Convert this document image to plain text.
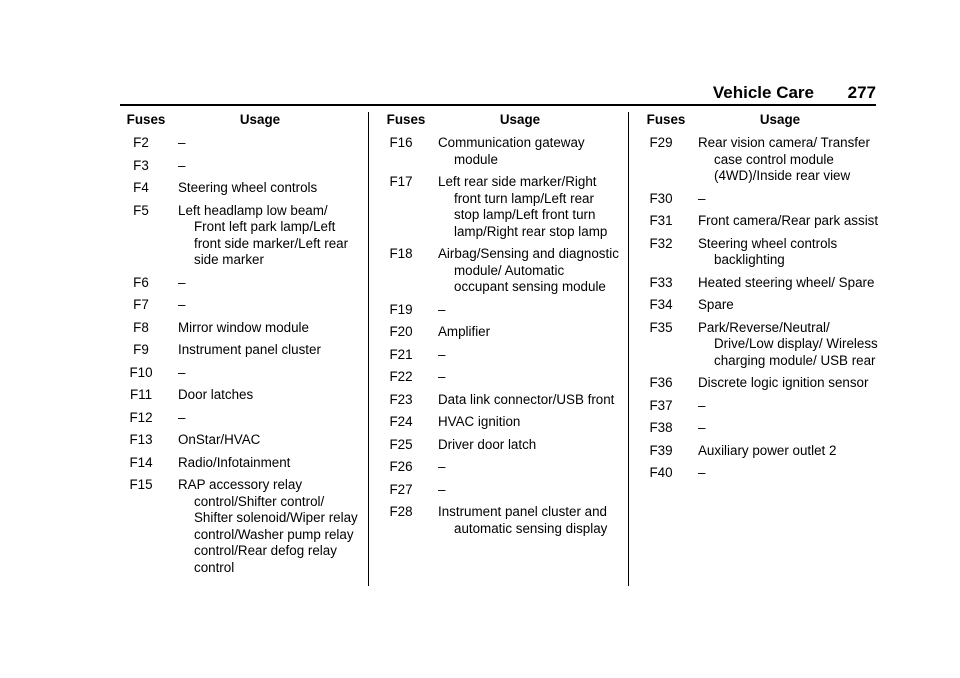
Vehicle Care 277
Fuses	Usage
F2	–
F3	–
F4	Steering wheel controls
F5	Left headlamp low beam/ Front left park lamp/Left front side marker/Left rear side marker
F6	–
F7	–
F8	Mirror window module
F9	Instrument panel cluster
F10	–
F11	Door latches
F12	–
F13	OnStar/HVAC
F14	Radio/Infotainment
F15	RAP accessory relay control/Shifter control/ Shifter solenoid/Wiper relay control/Washer pump relay control/Rear defog relay control
Fuses	Usage
F16	Communication gateway module
F17	Left rear side marker/Right front turn lamp/Left rear stop lamp/Left front turn lamp/Right rear stop lamp
F18	Airbag/Sensing and diagnostic module/ Automatic occupant sensing module
F19	–
F20	Amplifier
F21	–
F22	–
F23	Data link connector/USB front
F24	HVAC ignition
F25	Driver door latch
F26	–
F27	–
F28	Instrument panel cluster and automatic sensing display
Fuses	Usage
F29	Rear vision camera/ Transfer case control module (4WD)/Inside rear view
F30	–
F31	Front camera/Rear park assist
F32	Steering wheel controls backlighting
F33	Heated steering wheel/ Spare
F34	Spare
F35	Park/Reverse/Neutral/ Drive/Low display/ Wireless charging module/ USB rear
F36	Discrete logic ignition sensor
F37	–
F38	–
F39	Auxiliary power outlet 2
F40	–
